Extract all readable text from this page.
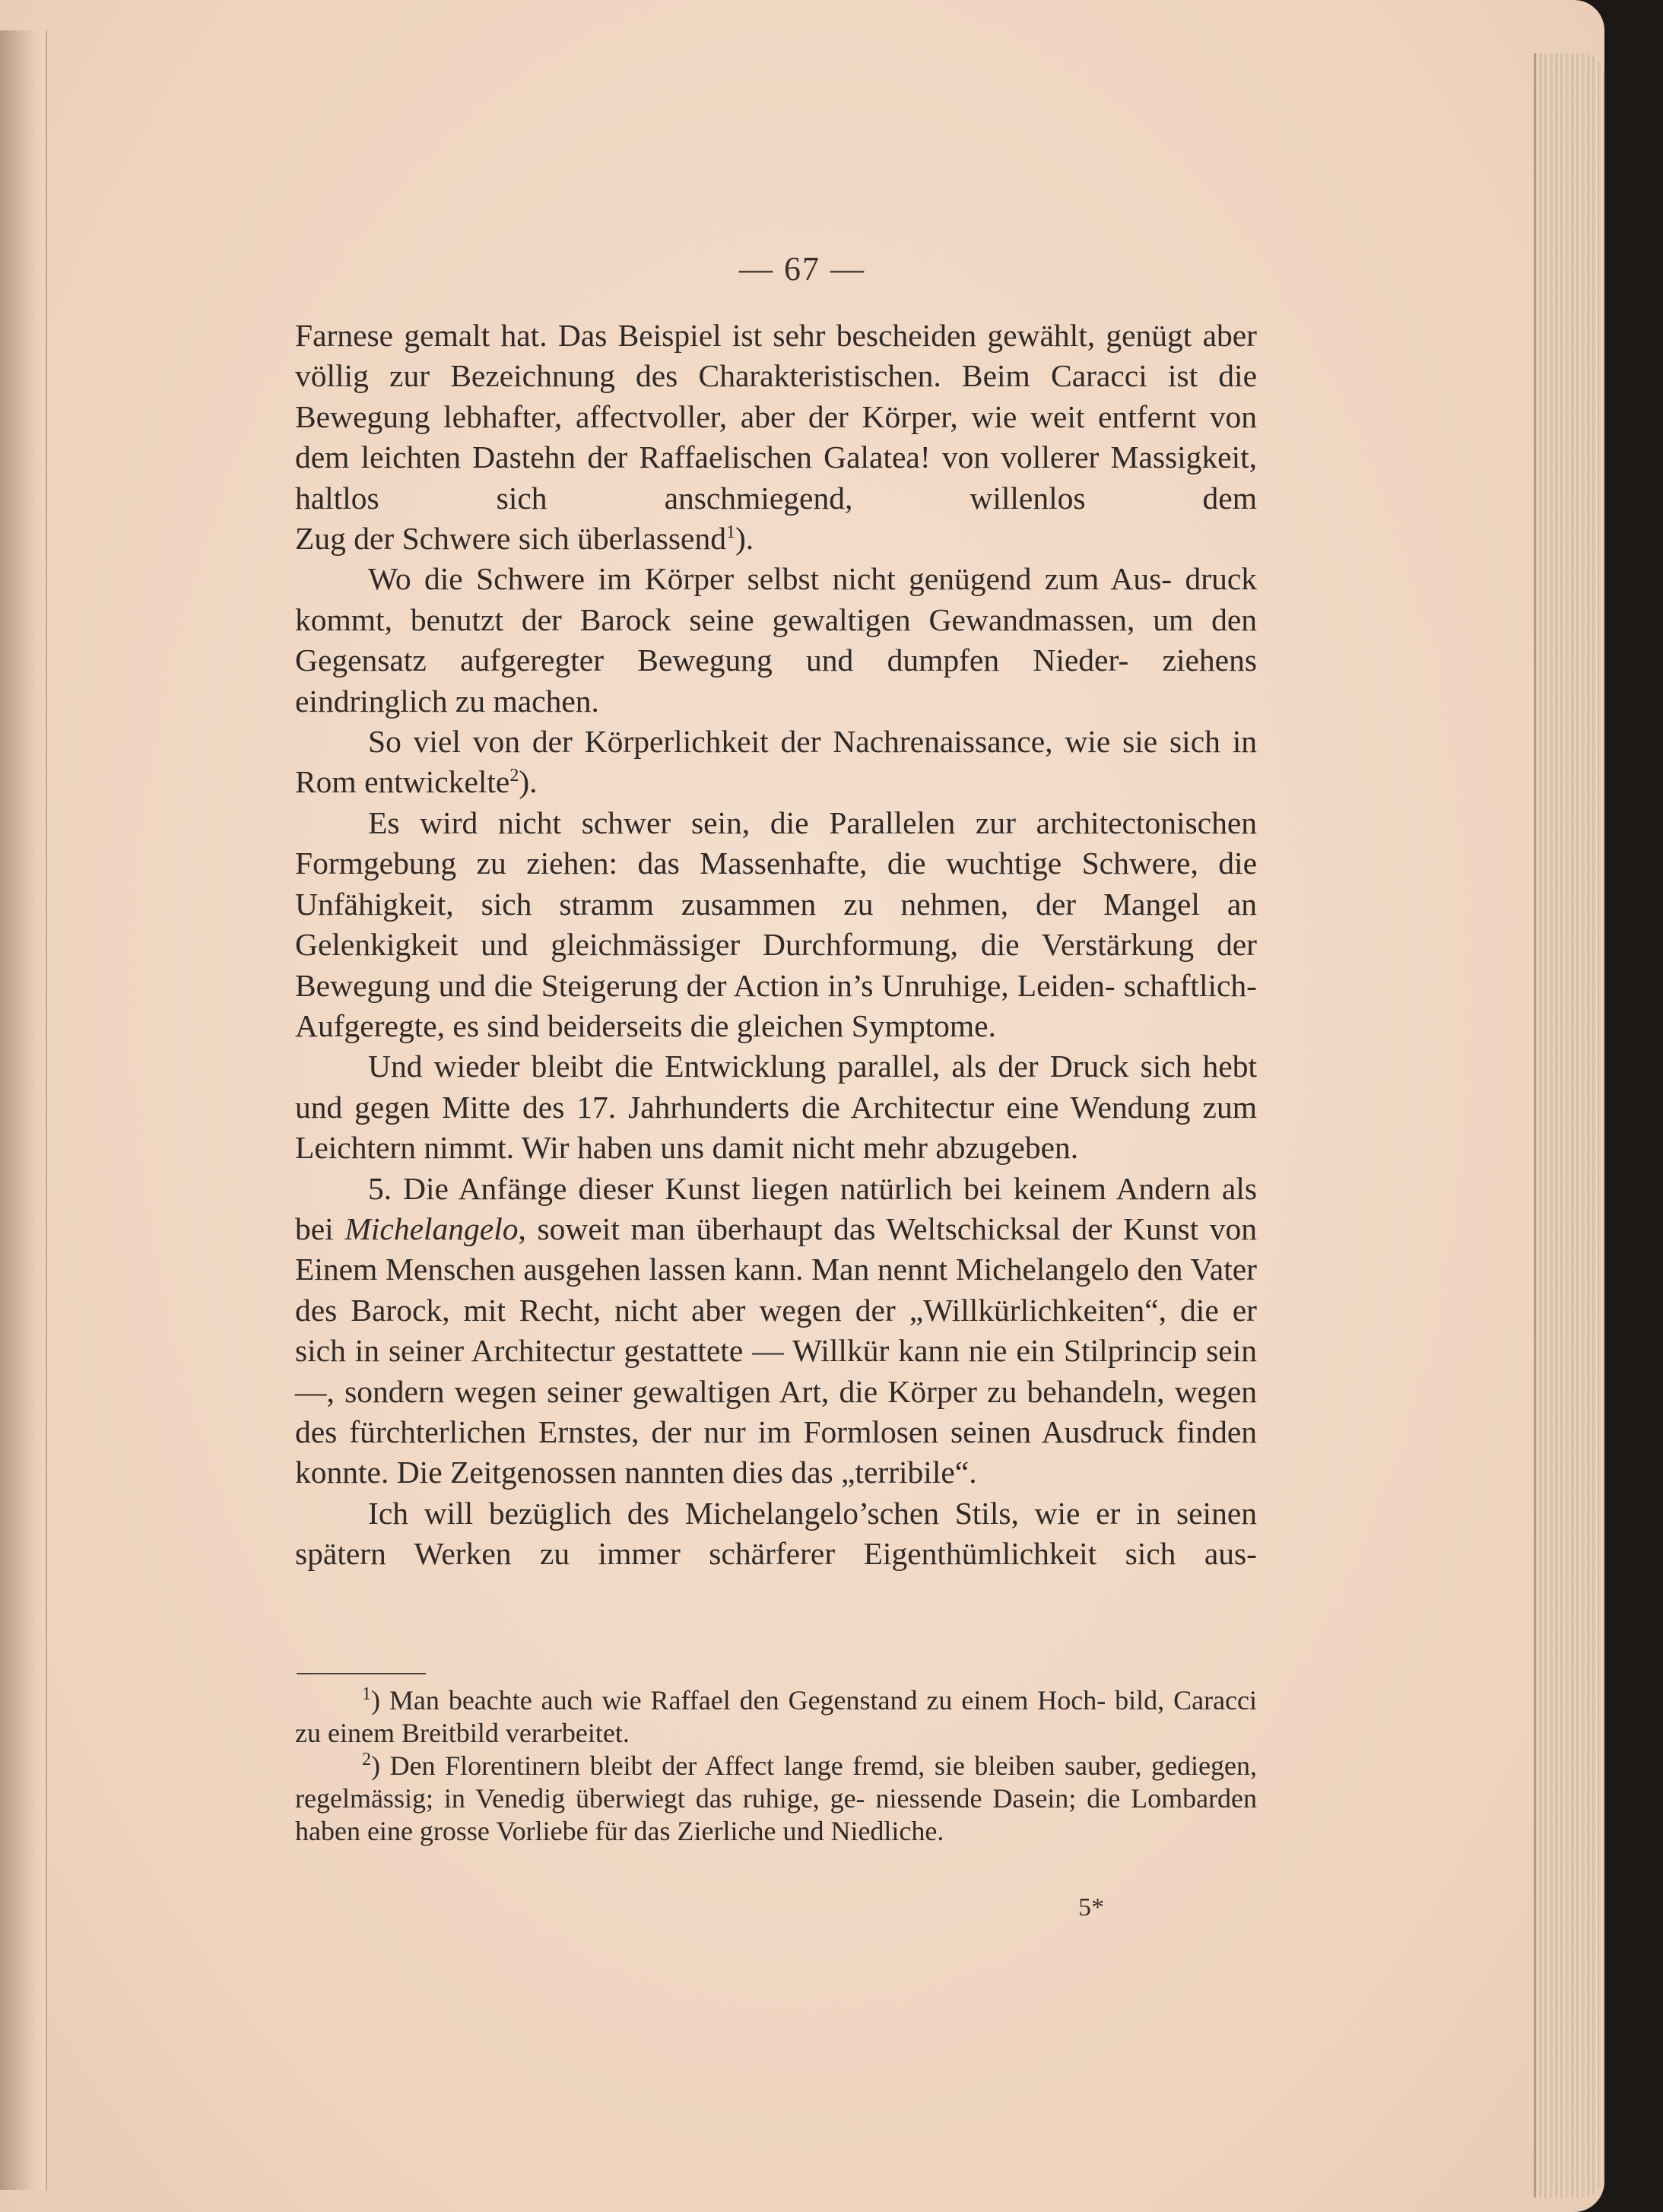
— 67 —

Farnese gemalt hat. Das Beispiel ist sehr bescheiden gewählt, genügt aber völlig zur Bezeichnung des Charakteristischen. Beim Caracci ist die Bewegung lebhafter, affectvoller, aber der Körper, wie weit entfernt von dem leichten Dastehn der Raffaelischen Galatea! von vollerer Massigkeit, haltlos sich anschmiegend, willenlos dem

Zug der Schwere sich überlassend$^1$).

Wo die Schwere im Körper selbst nicht genügend zum Aus- druck kommt, benutzt der Barock seine gewaltigen Gewandmassen, um den Gegensatz aufgeregter Bewegung und dumpfen Nieder- ziehens eindringlich zu machen.

So viel von der Körperlichkeit der Nachrenaissance, wie sie sich in Rom entwickelte$^2$).

Es wird nicht schwer sein, die Parallelen zur architectonischen Formgebung zu ziehen: das Massenhafte, die wuchtige Schwere, die Unfähigkeit, sich stramm zusammen zu nehmen, der Mangel an Gelenkigkeit und gleichmässiger Durchformung, die Verstärkung der Bewegung und die Steigerung der Action in’s Unruhige, Leiden- schaftlich-Aufgeregte, es sind beiderseits die gleichen Symptome.

Und wieder bleibt die Entwicklung parallel, als der Druck sich hebt und gegen Mitte des 17. Jahrhunderts die Architectur eine Wendung zum Leichtern nimmt. Wir haben uns damit nicht mehr abzugeben.

5. Die Anfänge dieser Kunst liegen natürlich bei keinem Andern als bei Michelangelo, soweit man überhaupt das Weltschicksal der Kunst von Einem Menschen ausgehen lassen kann. Man nennt Michelangelo den Vater des Barock, mit Recht, nicht aber wegen der „Willkürlichkeiten“, die er sich in seiner Architectur gestattete — Willkür kann nie ein Stilprincip sein —, sondern wegen seiner gewaltigen Art, die Körper zu behandeln, wegen des fürchterlichen Ernstes, der nur im Formlosen seinen Ausdruck finden konnte. Die Zeitgenossen nannten dies das „terribile“.

Ich will bezüglich des Michelangelo’schen Stils, wie er in seinen spätern Werken zu immer schärferer Eigenthümlichkeit sich aus-

$^1$) Man beachte auch wie Raffael den Gegenstand zu einem Hoch- bild, Caracci zu einem Breitbild verarbeitet.

$^2$) Den Florentinern bleibt der Affect lange fremd, sie bleiben sauber, gediegen, regelmässig; in Venedig überwiegt das ruhige, ge- niessende Dasein; die Lombarden haben eine grosse Vorliebe für das Zierliche und Niedliche.

5*
